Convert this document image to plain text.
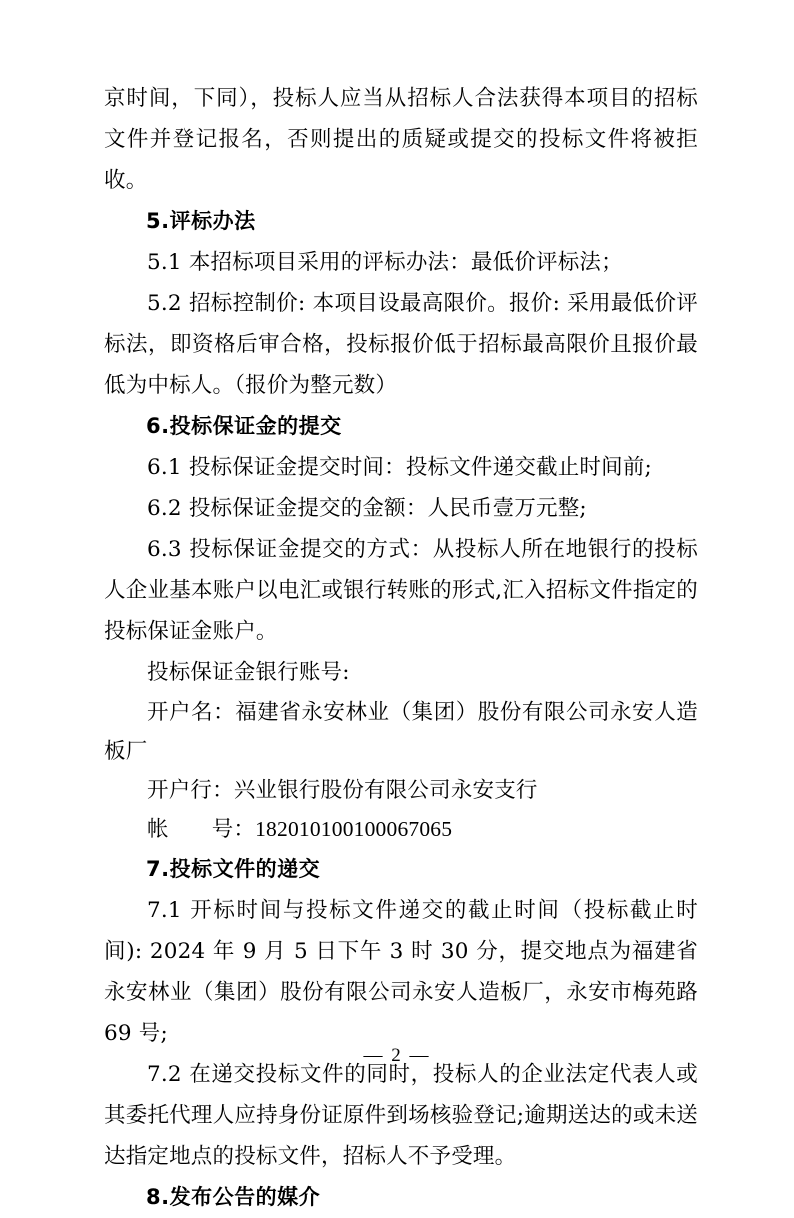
京时间，下同），投标人应当从招标人合法获得本项目的招标文件并登记报名，否则提出的质疑或提交的投标文件将被拒收。

5.评标办法

5.1 本招标项目采用的评标办法：最低价评标法；

5.2 招标控制价: 本项目设最高限价。报价: 采用最低价评标法，即资格后审合格，投标报价低于招标最高限价且报价最低为中标人。（报价为整元数）

6.投标保证金的提交

6.1 投标保证金提交时间：投标文件递交截止时间前;

6.2 投标保证金提交的金额：人民币壹万元整;

6.3 投标保证金提交的方式：从投标人所在地银行的投标人企业基本账户以电汇或银行转账的形式,汇入招标文件指定的投标保证金账户。

投标保证金银行账号:

开户名：福建省永安林业（集团）股份有限公司永安人造板厂

开户行：兴业银行股份有限公司永安支行

帐 号：182010100100067065

7.投标文件的递交

7.1 开标时间与投标文件递交的截止时间（投标截止时间): 2024 年 9 月 5 日下午 3 时 30 分，提交地点为福建省永安林业（集团）股份有限公司永安人造板厂，永安市梅苑路 69 号;

7.2 在递交投标文件的同时，投标人的企业法定代表人或其委托代理人应持身份证原件到场核验登记;逾期送达的或未送达指定地点的投标文件，招标人不予受理。

8.发布公告的媒介

— 2 —
